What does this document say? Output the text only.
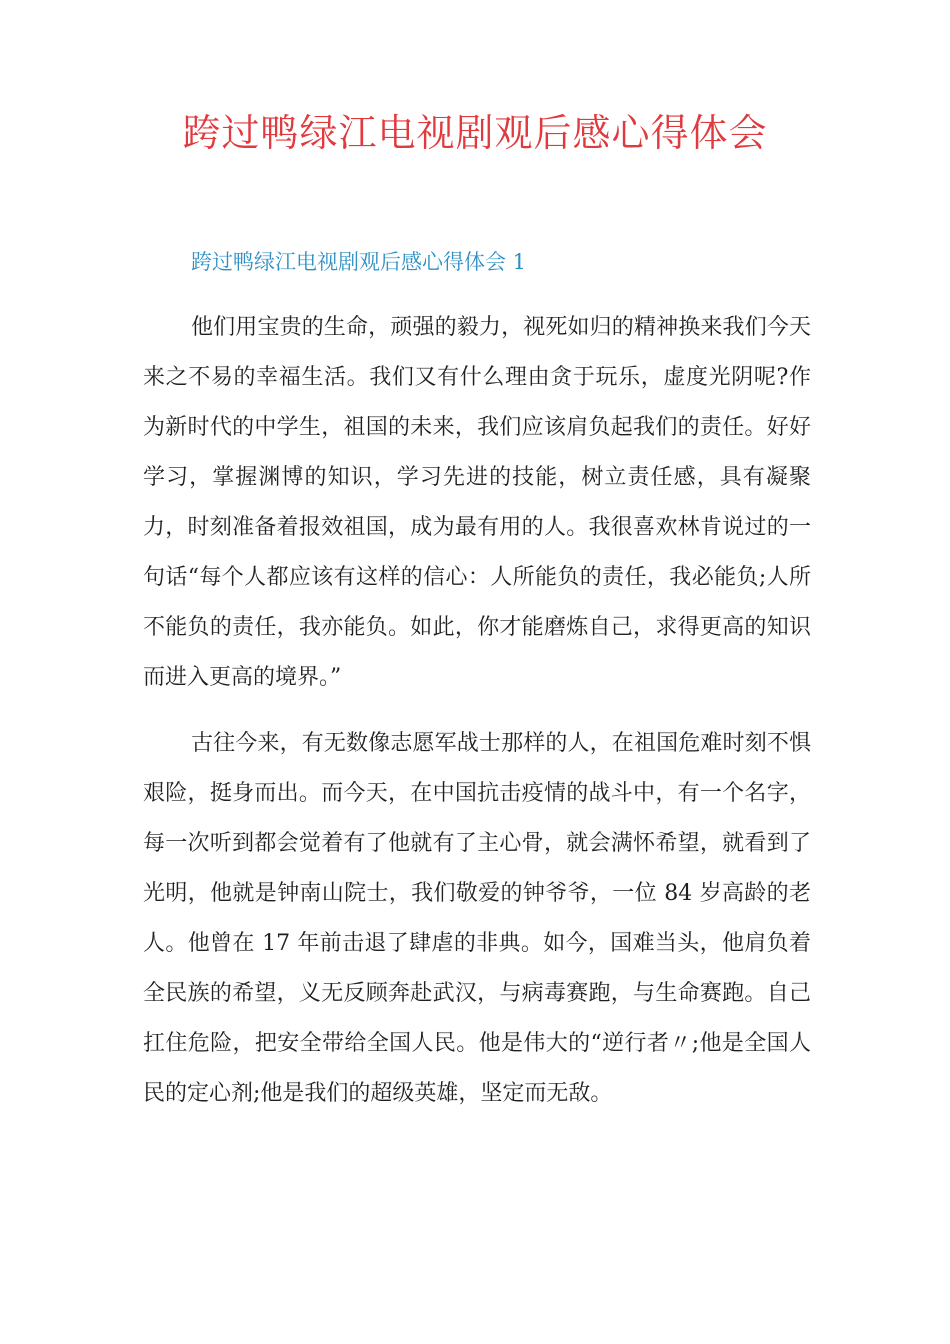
跨过鸭绿江电视剧观后感心得体会
跨过鸭绿江电视剧观后感心得体会 1

他们用宝贵的生命，顽强的毅力，视死如归的精神换来我们今天来之不易的幸福生活。我们又有什么理由贪于玩乐，虚度光阴呢?作为新时代的中学生，祖国的未来，我们应该肩负起我们的责任。好好学习，掌握渊博的知识，学习先进的技能，树立责任感，具有凝聚力，时刻准备着报效祖国，成为最有用的人。我很喜欢林肯说过的一句话“每个人都应该有这样的信心：人所能负的责任，我必能负;人所不能负的责任，我亦能负。如此，你才能磨炼自己，求得更高的知识而进入更高的境界。”

古往今来，有无数像志愿军战士那样的人，在祖国危难时刻不惧艰险，挺身而出。而今天，在中国抗击疫情的战斗中，有一个名字，每一次听到都会觉着有了他就有了主心骨，就会满怀希望，就看到了光明，他就是钟南山院士，我们敬爱的钟爷爷，一位 84 岁高龄的老人。他曾在 17 年前击退了肆虐的非典。如今，国难当头，他肩负着全民族的希望，义无反顾奔赴武汉，与病毒赛跑，与生命赛跑。自己扛住危险，把安全带给全国人民。他是伟大的“逆行者〃;他是全国人民的定心剂;他是我们的超级英雄，坚定而无敌。
